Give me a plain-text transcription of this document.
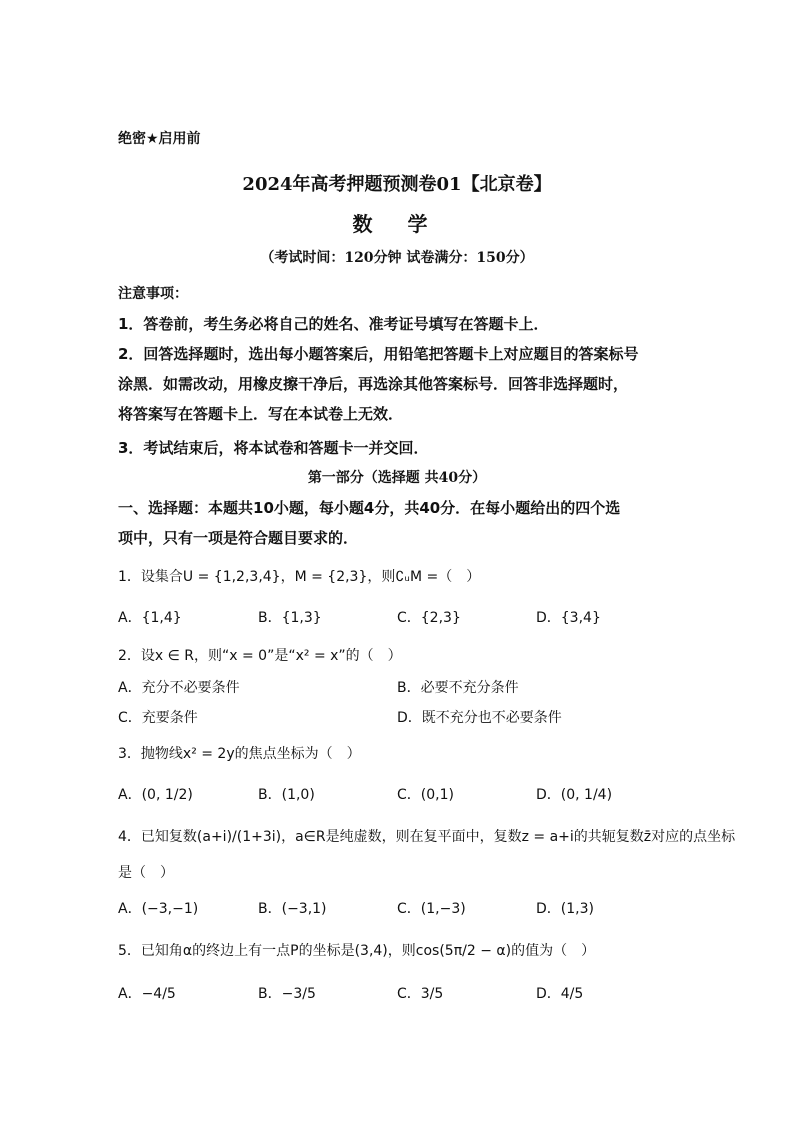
绝密★启用前
2024年高考押题预测卷01【北京卷】
数 学
（考试时间：120分钟 试卷满分：150分）
注意事项：
1．答卷前，考生务必将自己的姓名、准考证号填写在答题卡上．
2．回答选择题时，选出每小题答案后，用铅笔把答题卡上对应题目的答案标号
涂黑．如需改动，用橡皮擦干净后，再选涂其他答案标号．回答非选择题时，
将答案写在答题卡上．写在本试卷上无效．
3．考试结束后，将本试卷和答题卡一并交回．
第一部分（选择题 共40分）
一、选择题：本题共10小题，每小题4分，共40分．在每小题给出的四个选
项中，只有一项是符合题目要求的．
1．设集合U = {1,2,3,4}，M = {2,3}，则∁ᵤM =（　）
A．{1,4}	B．{1,3}	C．{2,3}	D．{3,4}
2．设x ∈ R，则“x = 0”是“x² = x”的（　）
A．充分不必要条件	B．必要不充分条件
C．充要条件	D．既不充分也不必要条件
3．抛物线x² = 2y的焦点坐标为（　）
A．(0, 1/2)	B．(1,0)	C．(0,1)	D．(0, 1/4)
4．已知复数(a+i)/(1+3i)，a∈R是纯虚数，则在复平面中，复数z = a+i的共轭复数z̄对应的点坐标
是（　）
A．(−3,−1)	B．(−3,1)	C．(1,−3)	D．(1,3)
5．已知角α的终边上有一点P的坐标是(3,4)，则cos(5π/2 − α)的值为（　）
A．−4/5	B．−3/5	C．3/5	D．4/5
